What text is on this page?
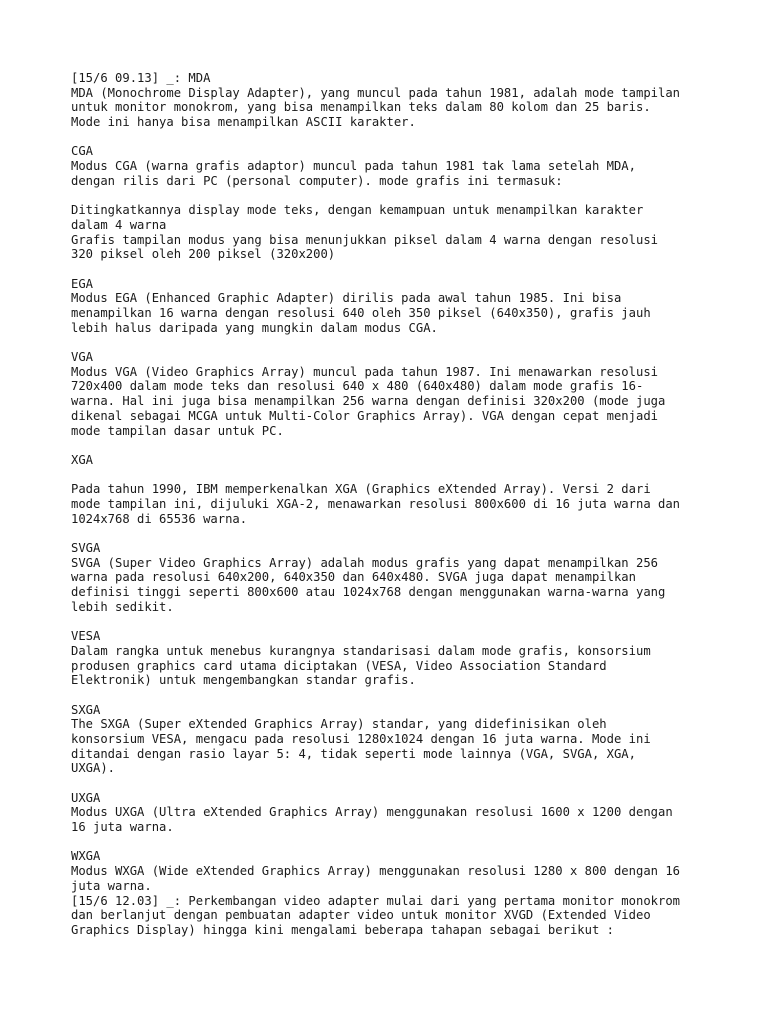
[15/6 09.13] _: MDA
MDA (Monochrome Display Adapter), yang muncul pada tahun 1981, adalah mode tampilan
untuk monitor monokrom, yang bisa menampilkan teks dalam 80 kolom dan 25 baris.
Mode ini hanya bisa menampilkan ASCII karakter.
CGA
Modus CGA (warna grafis adaptor) muncul pada tahun 1981 tak lama setelah MDA,
dengan rilis dari PC (personal computer). mode grafis ini termasuk:
Ditingkatkannya display mode teks, dengan kemampuan untuk menampilkan karakter
dalam 4 warna
Grafis tampilan modus yang bisa menunjukkan piksel dalam 4 warna dengan resolusi
320 piksel oleh 200 piksel (320x200)
EGA
Modus EGA (Enhanced Graphic Adapter) dirilis pada awal tahun 1985. Ini bisa
menampilkan 16 warna dengan resolusi 640 oleh 350 piksel (640x350), grafis jauh
lebih halus daripada yang mungkin dalam modus CGA.
VGA
Modus VGA (Video Graphics Array) muncul pada tahun 1987. Ini menawarkan resolusi
720x400 dalam mode teks dan resolusi 640 x 480 (640x480) dalam mode grafis 16-
warna. Hal ini juga bisa menampilkan 256 warna dengan definisi 320x200 (mode juga
dikenal sebagai MCGA untuk Multi-Color Graphics Array). VGA dengan cepat menjadi
mode tampilan dasar untuk PC.
XGA
Pada tahun 1990, IBM memperkenalkan XGA (Graphics eXtended Array). Versi 2 dari
mode tampilan ini, dijuluki XGA-2, menawarkan resolusi 800x600 di 16 juta warna dan
1024x768 di 65536 warna.
SVGA
SVGA (Super Video Graphics Array) adalah modus grafis yang dapat menampilkan 256
warna pada resolusi 640x200, 640x350 dan 640x480. SVGA juga dapat menampilkan
definisi tinggi seperti 800x600 atau 1024x768 dengan menggunakan warna-warna yang
lebih sedikit.
VESA
Dalam rangka untuk menebus kurangnya standarisasi dalam mode grafis, konsorsium
produsen graphics card utama diciptakan (VESA, Video Association Standard
Elektronik) untuk mengembangkan standar grafis.
SXGA
The SXGA (Super eXtended Graphics Array) standar, yang didefinisikan oleh
konsorsium VESA, mengacu pada resolusi 1280x1024 dengan 16 juta warna. Mode ini
ditandai dengan rasio layar 5: 4, tidak seperti mode lainnya (VGA, SVGA, XGA,
UXGA).
UXGA
Modus UXGA (Ultra eXtended Graphics Array) menggunakan resolusi 1600 x 1200 dengan
16 juta warna.
WXGA
Modus WXGA (Wide eXtended Graphics Array) menggunakan resolusi 1280 x 800 dengan 16
juta warna.
[15/6 12.03] _: Perkembangan video adapter mulai dari yang pertama monitor monokrom
dan berlanjut dengan pembuatan adapter video untuk monitor XVGD (Extended Video
Graphics Display) hingga kini mengalami beberapa tahapan sebagai berikut :
